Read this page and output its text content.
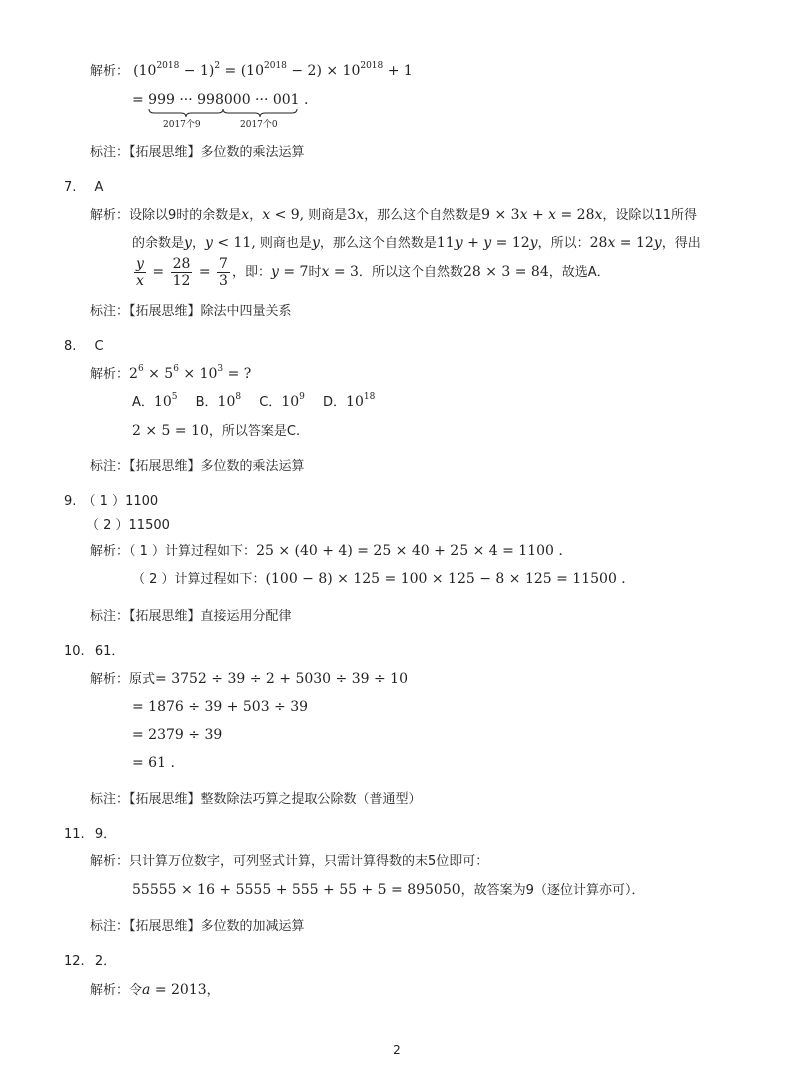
解析： $(10^{2018} - 1)^2 = (10^{2018} - 2) \times 10^{2018} + 1$
= 999 ··· 998000 ··· 001 .
2017个9	2017个0
标注：【拓展思维】多位数的乘法运算
7. A
解析：设除以9时的余数是x，x < 9, 则商是3x，那么这个自然数是9 × 3x + x = 28x，设除以11所得
的余数是y，y < 11, 则商也是y，那么这个自然数是11y + y = 12y，所以：28x = 12y，得出
$\frac{y}{x} = \frac{28}{12} = \frac{7}{3}$ ，即：y = 7时x = 3．所以这个自然数28 × 3 = 84，故选A．
标注：【拓展思维】除法中四量关系
8. C
解析：$2^6 \times 5^6 \times 10^3$ = ?
A．$10^5$ B．$10^8$ C．$10^9$ D．$10^{18}$
2 × 5 = 10，所以答案是C.
标注：【拓展思维】多位数的乘法运算
9. （ 1 ）1100
（ 2 ）11500
解析：（ 1 ）计算过程如下：25 × (40 + 4) = 25 × 40 + 25 × 4 = 1100 .
（ 2 ）计算过程如下：(100 − 8) × 125 = 100 × 125 − 8 × 125 = 11500 .
标注：【拓展思维】直接运用分配律
10. 61．
解析：原式= 3752 ÷ 39 ÷ 2 + 5030 ÷ 39 ÷ 10
= 1876 ÷ 39 + 503 ÷ 39
= 2379 ÷ 39
= 61 .
标注：【拓展思维】整数除法巧算之提取公除数（普通型）
11. 9．
解析：只计算万位数字，可列竖式计算，只需计算得数的末5位即可：
55555 × 16 + 5555 + 555 + 55 + 5 = 895050，故答案为9（逐位计算亦可）．
标注：【拓展思维】多位数的加减运算
12. 2．
解析：令a = 2013，
2
